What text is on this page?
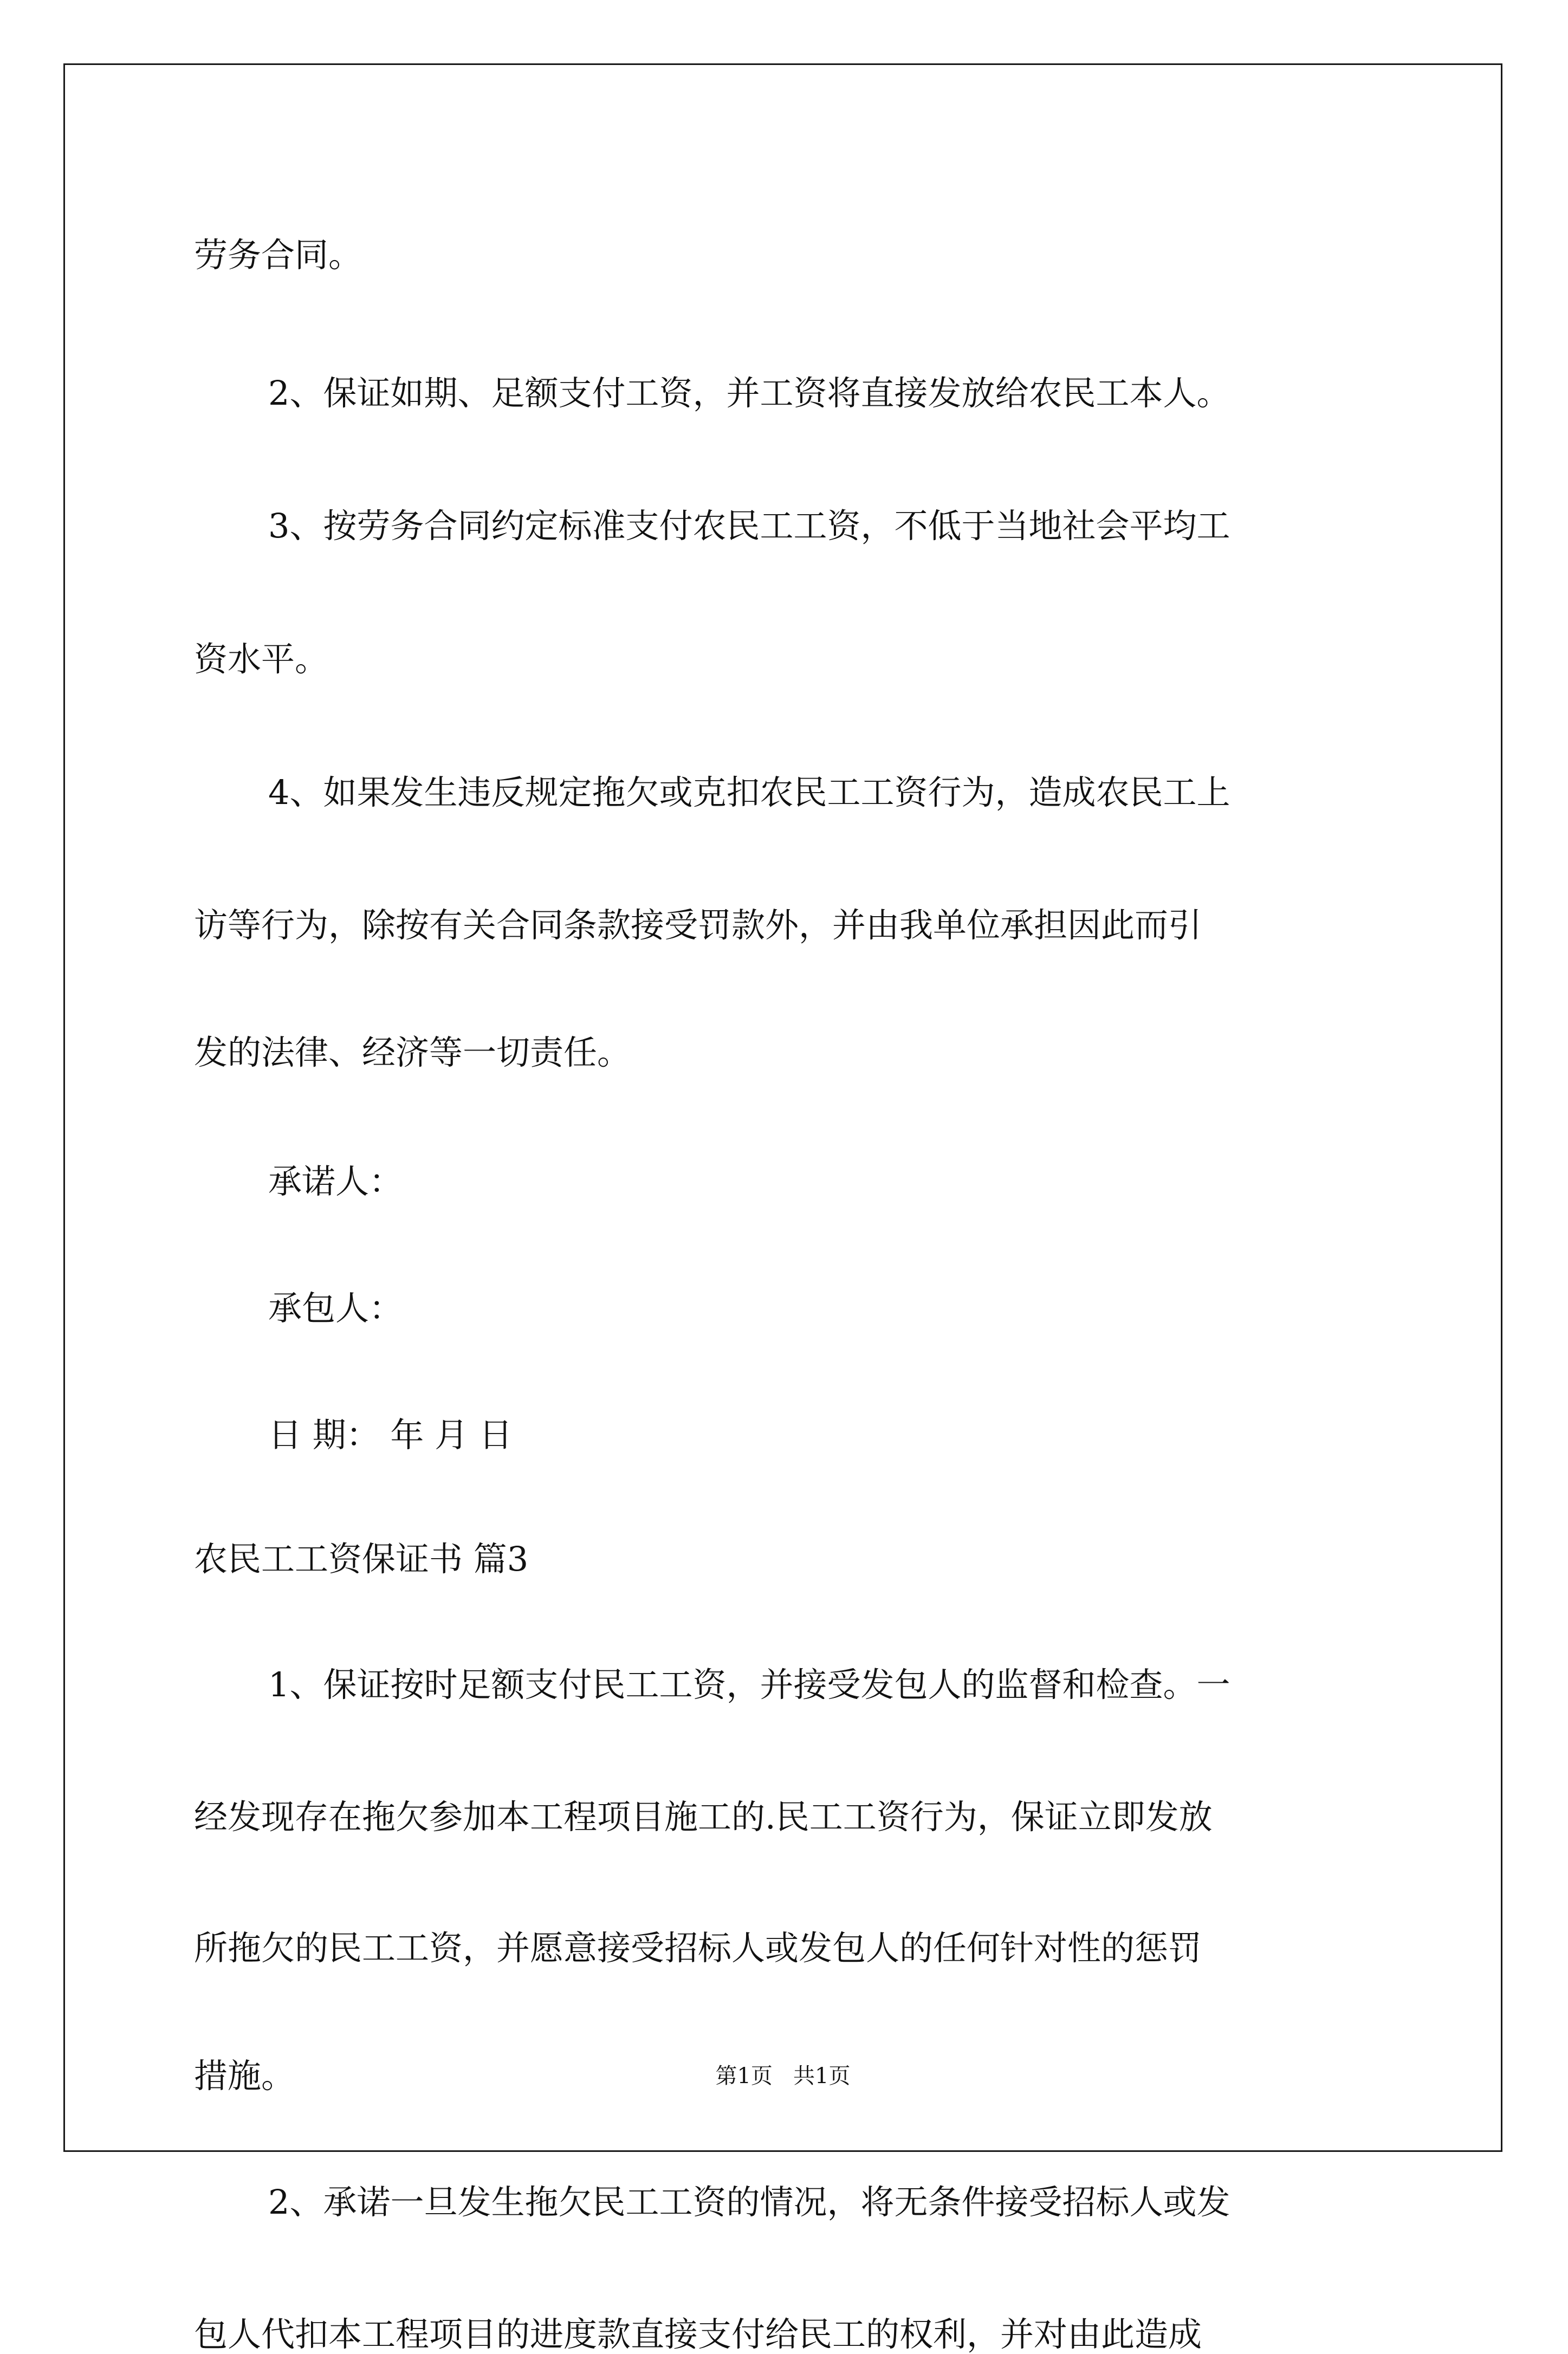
劳务合同。

2、保证如期、足额支付工资，并工资将直接发放给农民工本人。

3、按劳务合同约定标准支付农民工工资，不低于当地社会平均工

资水平。

4、如果发生违反规定拖欠或克扣农民工工资行为，造成农民工上

访等行为，除按有关合同条款接受罚款外，并由我单位承担因此而引

发的法律、经济等一切责任。

承诺人：

承包人：

日 期： 年 月 日

农民工工资保证书 篇3

1、保证按时足额支付民工工资，并接受发包人的监督和检查。一

经发现存在拖欠参加本工程项目施工的.民工工资行为，保证立即发放

所拖欠的民工工资，并愿意接受招标人或发包人的任何针对性的惩罚

措施。

2、承诺一旦发生拖欠民工工资的情况，将无条件接受招标人或发

包人代扣本工程项目的进度款直接支付给民工的权利，并对由此造成

第1页   共1页
